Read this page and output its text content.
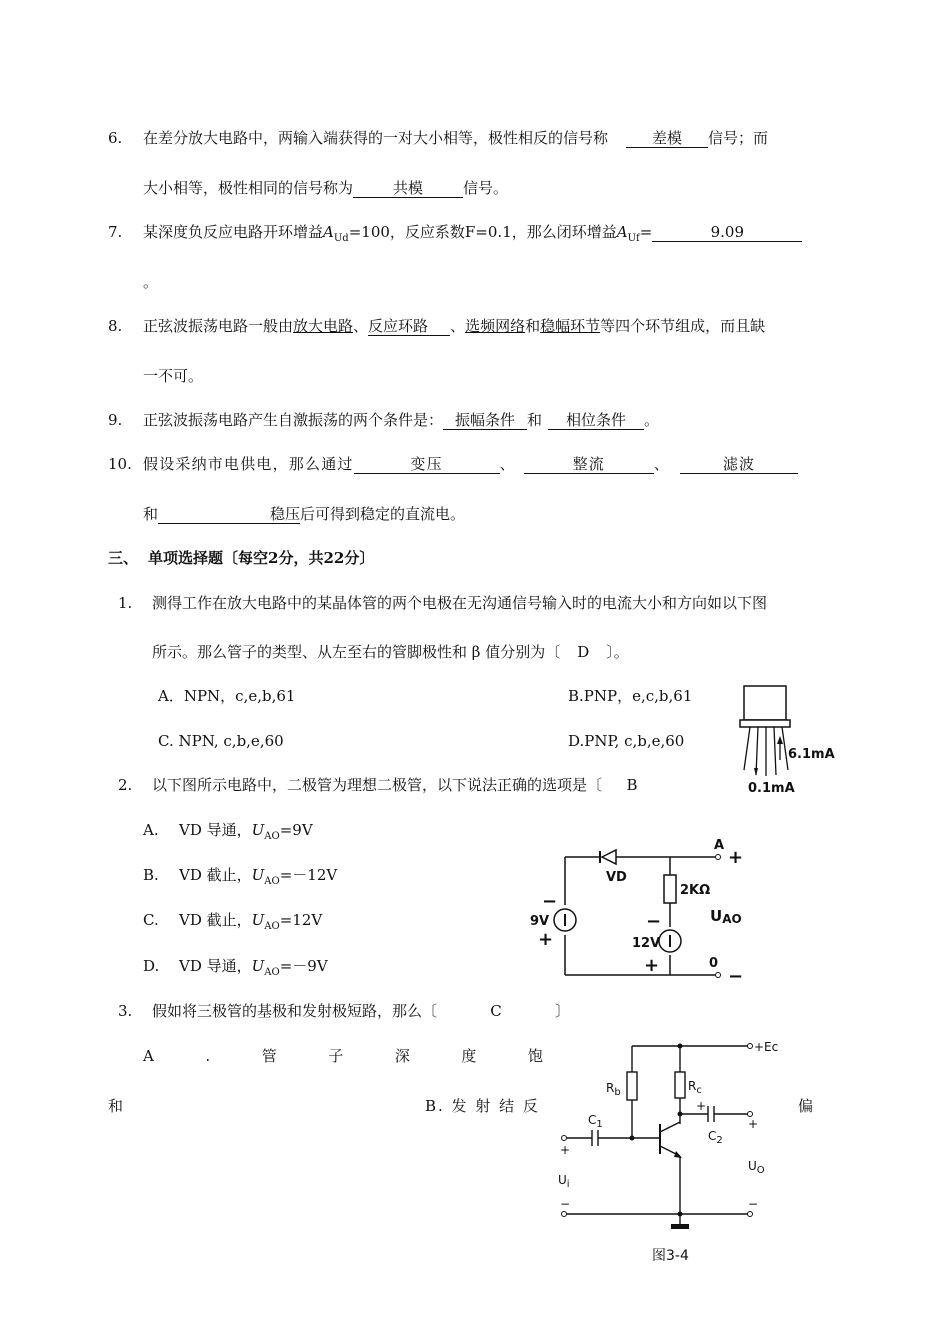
6. 在差分放大电路中，两输入端获得的一对大小相等，极性相反的信号称	差模 信号；而
大小相等，极性相同的信号称为	共模	信号。
7. 某深度负反应电路开环增益$A_{Ud}=100$，反应系数F=0.1，那么闭环增益$A_{Uf}=$	9.09
。
8. 正弦波振荡电路一般由放大电路、反应环路 、选频网络和稳幅环节等四个环节组成，而且缺
一不可。
9. 正弦波振荡电路产生自激振荡的两个条件是： 振幅条件 和 相位条件 。
10. 假设采纳市电供电，那么通过	变压	、	整流	、	滤波
和	稳压后可得到稳定的直流电。
三、 单项选择题〔每空2分，共22分〕
1. 测得工作在放大电路中的某晶体管的两个电极在无沟通信号输入时的电流大小和方向如以下图
所示。那么管子的类型、从左至右的管脚极性和 β 值分别为〔 D 〕。
A．NPN，c,e,b,61	B.PNP，e,c,b,61
C. NPN, c,b,e,60	D.PNP, c,b,e,60
6.1mA
0.1mA
2. 以下图所示电路中，二极管为理想二极管，以下说法正确的选项是〔 B
A. VD 导通，$U_{AO}=9V$
B. VD 截止，$U_{AO}=-12V$
C. VD 截止，$U_{AO}=12V$
D. VD 导通，$U_{AO}=-9V$
A
+
VD
2KΩ
−
9V
+
−
12V
+
UAO
0
−
3. 假如将三极管的基极和发射极短路，那么〔	C	〕
A	.	管	子	深	度	饱
和	B. 发 射 结 反	偏
+Ec
$R_b$	$R_c$
$C_1$
$C_2$
+
+
−
+
−
$U_i$
$U_O$
图3-4
